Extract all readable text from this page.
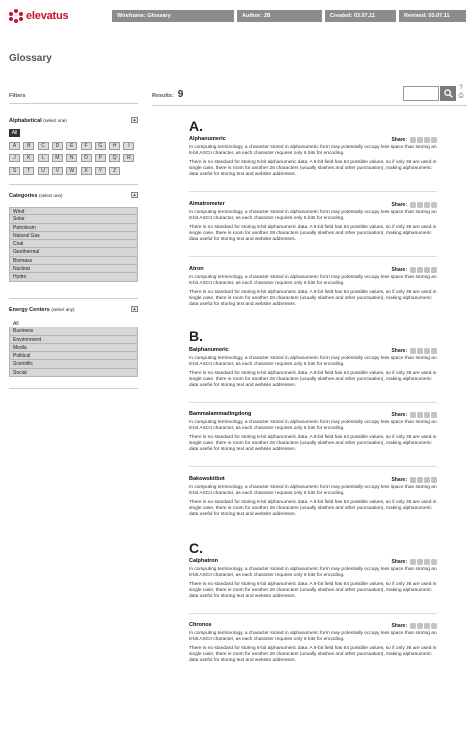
elevatus	Wireframe: Glossary	Author: JB	Created: 03.07.11	Revised: 03.07.11
Glossary
Filters
Alphabetical (select one)	▲
All
A	B	C	D	E	F	G	H	I
J	K	L	M	N	O	P	Q	R
S	T	U	V	W	X	Y	Z
Categories (select one)	▲
Wind
Solar
Petroleum
Natural Gas
Coal
Geothermal
Biomass
Nuclear
Hydro
Energy Centers (select any)	▲
All
Business
Environment
Media
Political
Scientific
Social
Results: 9
?
⎙
A.
Alphanumeric	Share:
In computing terminology, a character stored in alphanumeric form may potentially occupy less space than storing an 8-bit ASCII character, as each character requires only 6 bits for encoding.
There is no standard for storing 6-bit alphanumeric data. A 6-bit field has 64 possible values, so if only 36 are used in single case, there is room for another 28 characters (usually slashes and other punctuation), making alphanumeric data useful for storing text and website addresses.
Almatrometer	Share:
In computing terminology, a character stored in alphanumeric form may potentially occupy less space than storing an 8-bit ASCII character, as each character requires only 6 bits for encoding.
There is no standard for storing 6-bit alphanumeric data. A 6-bit field has 64 possible values, so if only 36 are used in single case, there is room for another 28 characters (usually slashes and other punctuation), making alphanumeric data useful for storing text and website addresses.
Atron	Share:
In computing terminology, a character stored in alphanumeric form may potentially occupy less space than storing an 8-bit ASCII character, as each character requires only 6 bits for encoding.
There is no standard for storing 6-bit alphanumeric data. A 6-bit field has 64 possible values, so if only 36 are used in single case, there is room for another 28 characters (usually slashes and other punctuation), making alphanumeric data useful for storing text and website addresses.
B.
Balphanumeric	Share:
In computing terminology, a character stored in alphanumeric form may potentially occupy less space than storing an 8-bit ASCII character, as each character requires only 6 bits for encoding.
There is no standard for storing 6-bit alphanumeric data. A 6-bit field has 64 possible values, so if only 36 are used in single case, there is room for another 28 characters (usually slashes and other punctuation), making alphanumeric data useful for storing text and website addresses.
Bammalammadingdong	Share:
In computing terminology, a character stored in alphanumeric form may potentially occupy less space than storing an 8-bit ASCII character, as each character requires only 6 bits for encoding.
There is no standard for storing 6-bit alphanumeric data. A 6-bit field has 64 possible values, so if only 36 are used in single case, there is room for another 28 characters (usually slashes and other punctuation), making alphanumeric data useful for storing text and website addresses.
Bakowskitbot	Share:
In computing terminology, a character stored in alphanumeric form may potentially occupy less space than storing an 8-bit ASCII character, as each character requires only 6 bits for encoding.
There is no standard for storing 6-bit alphanumeric data. A 6-bit field has 64 possible values, so if only 36 are used in single case, there is room for another 28 characters (usually slashes and other punctuation), making alphanumeric data useful for storing text and website addresses.
C.
Calphatron	Share:
In computing terminology, a character stored in alphanumeric form may potentially occupy less space than storing an 8-bit ASCII character, as each character requires only 6 bits for encoding.
There is no standard for storing 6-bit alphanumeric data. A 6-bit field has 64 possible values, so if only 36 are used in single case, there is room for another 28 characters (usually slashes and other punctuation), making alphanumeric data useful for storing text and website addresses.
Chronos	Share:
In computing terminology, a character stored in alphanumeric form may potentially occupy less space than storing an 8-bit ASCII character, as each character requires only 6 bits for encoding.
There is no standard for storing 6-bit alphanumeric data. A 6-bit field has 64 possible values, so if only 36 are used in single case, there is room for another 28 characters (usually slashes and other punctuation), making alphanumeric data useful for storing text and website addresses.
